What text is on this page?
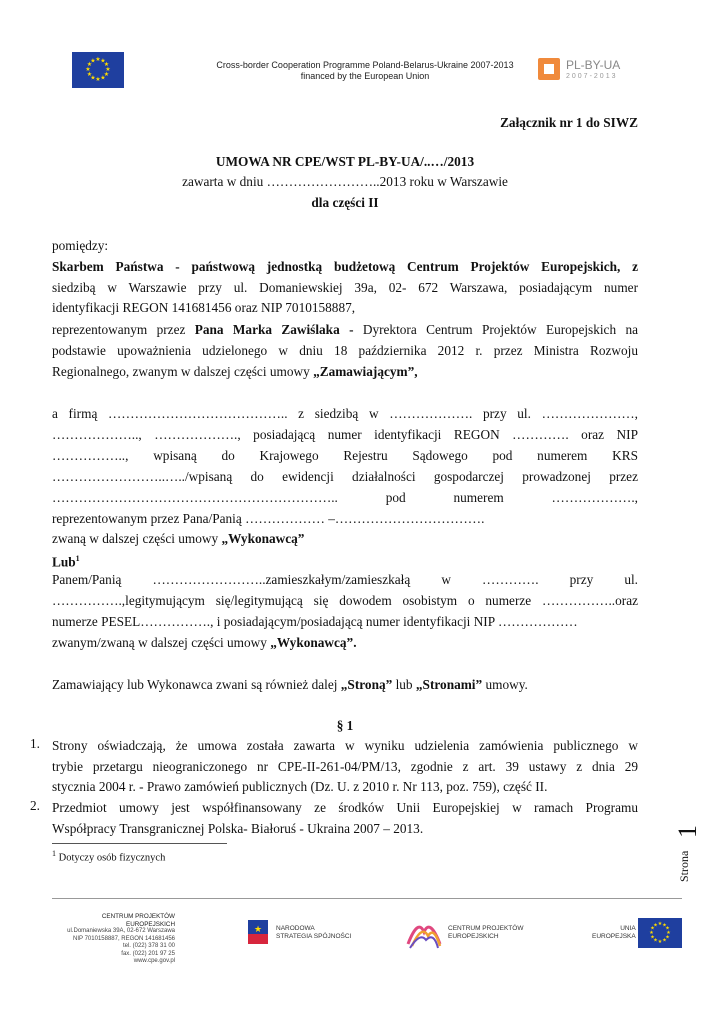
★ ★
★
★
★
★
★
★
★
★
★
★	Cross-border Cooperation Programme Poland-Belarus-Ukraine 2007-2013
financed by the European Union
PL-BY-UA
2007-2013
Załącznik nr 1 do SIWZ
UMOWA NR CPE/WST PL-BY-UA/..…/2013
zawarta w dniu ……………………..2013 roku w Warszawie
dla części II
pomiędzy:
Skarbem Państwa - państwową jednostką budżetową Centrum Projektów Europejskich, z
siedzibą w Warszawie przy ul. Domaniewskiej 39a, 02- 672 Warszawa, posiadającym numer
identyfikacji REGON 141681456 oraz NIP 7010158887,
reprezentowanym przez Pana Marka Zawiślaka - Dyrektora Centrum Projektów Europejskich na
podstawie upoważnienia udzielonego w dniu 18 października 2012 r. przez Ministra Rozwoju
Regionalnego, zwanym w dalszej części umowy „Zamawiającym”,
a firmą ………………………………….. z siedzibą w ………………. przy ul. …………………,
……………….., ………………., posiadającą numer identyfikacji REGON …………. oraz NIP
…………….., wpisaną do Krajowego Rejestru Sądowego pod numerem KRS
……………………..…../wpisaną do ewidencji działalności gospodarczej prowadzonej przez
……………………………………………………….. pod numerem ……………….,
reprezentowanym przez Pana/Panią ……………… –…………………………….
zwaną w dalszej części umowy „Wykonawcą”
Lub$^1$
Panem/Panią ……………………..zamieszkałym/zamieszkałą w …………. przy ul.
…………….,legitymującym się/legitymującą się dowodem osobistym o numerze ……………..oraz
numerze PESEL……………., i posiadającym/posiadającą numer identyfikacji NIP ………………
zwanym/zwaną w dalszej części umowy „Wykonawcą”.
Zamawiający lub Wykonawca zwani są również dalej „Stroną” lub „Stronami” umowy.
§ 1
1. Strony oświadczają, że umowa została zawarta w wyniku udzielenia zamówienia publicznego w
trybie przetargu nieograniczonego nr CPE-II-261-04/PM/13, zgodnie z art. 39 ustawy z dnia 29
stycznia 2004 r. - Prawo zamówień publicznych (Dz. U. z 2010 r. Nr 113, poz. 759), część II.
2. Przedmiot umowy jest współfinansowany ze środków Unii Europejskiej w ramach Programu
Współpracy Transgranicznej Polska- Białoruś - Ukraina 2007 – 2013.
$^1$ Dotyczy osób fizycznych	Strona
1
CENTRUM PROJEKTÓW EUROPEJSKICH
ul.Domaniewska 39A, 02-672 Warszawa
NIP 7010158887, REGON 141681456
tel. (022) 378 31 00
fax. (022) 201 97 25
www.cpe.gov.pl
★ NARODOWA
STRATEGIA SPÓJNOŚCI
CENTRUM PROJEKTÓW
EUROPEJSKICH
UNIA
EUROPEJSKA
★ ★
★
★
★
★
★
★
★
★
★
★
